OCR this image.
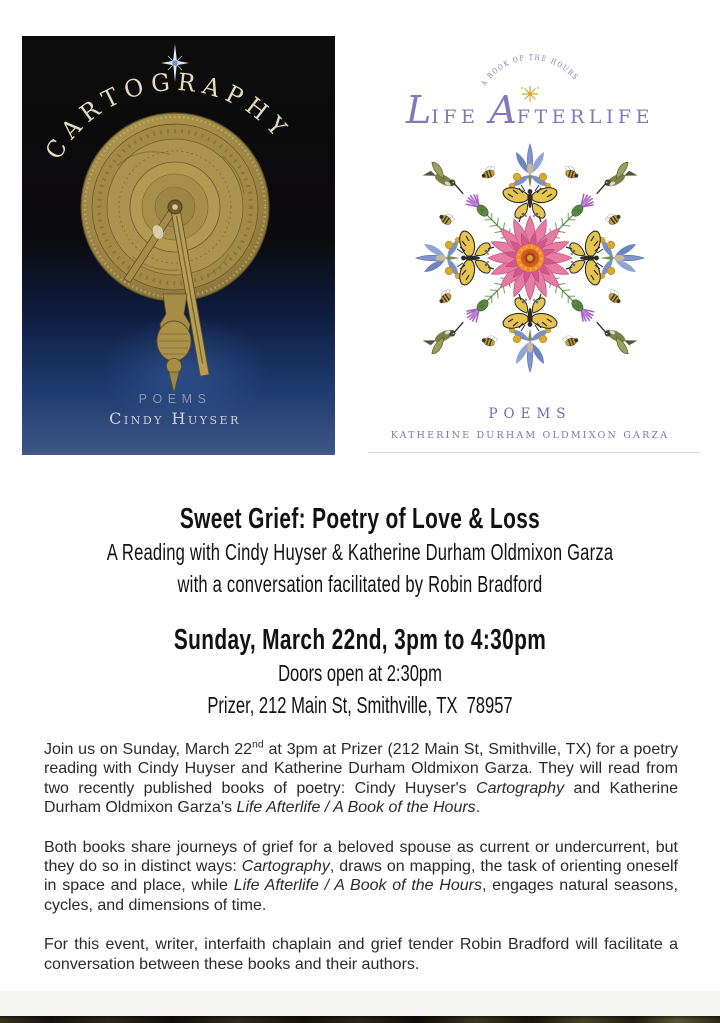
CARTOGRAPHY
POEMS
Cindy Huyser
A BOOK OF THE HOURS
LIFE AFTERLIFE
POEMS
KATHERINE DURHAM OLDMIXON GARZA
Sweet Grief: Poetry of Love & Loss
A Reading with Cindy Huyser & Katherine Durham Oldmixon Garza
with a conversation facilitated by Robin Bradford
Sunday, March 22nd, 3pm to 4:30pm
Doors open at 2:30pm
Prizer, 212 Main St, Smithville, TX  78957

Join us on Sunday, March 22nd at 3pm at Prizer (212 Main St, Smithville, TX) for a poetry reading with Cindy Huyser and Katherine Durham Oldmixon Garza. They will read from two recently published books of poetry: Cindy Huyser's Cartography and Katherine Durham Oldmixon Garza's Life Afterlife / A Book of the Hours.

Both books share journeys of grief for a beloved spouse as current or undercurrent, but they do so in distinct ways: Cartography, draws on mapping, the task of orienting oneself in space and place, while Life Afterlife / A Book of the Hours, engages natural seasons, cycles, and dimensions of time.

For this event, writer, interfaith chaplain and grief tender Robin Bradford will facilitate a conversation between these books and their authors.
